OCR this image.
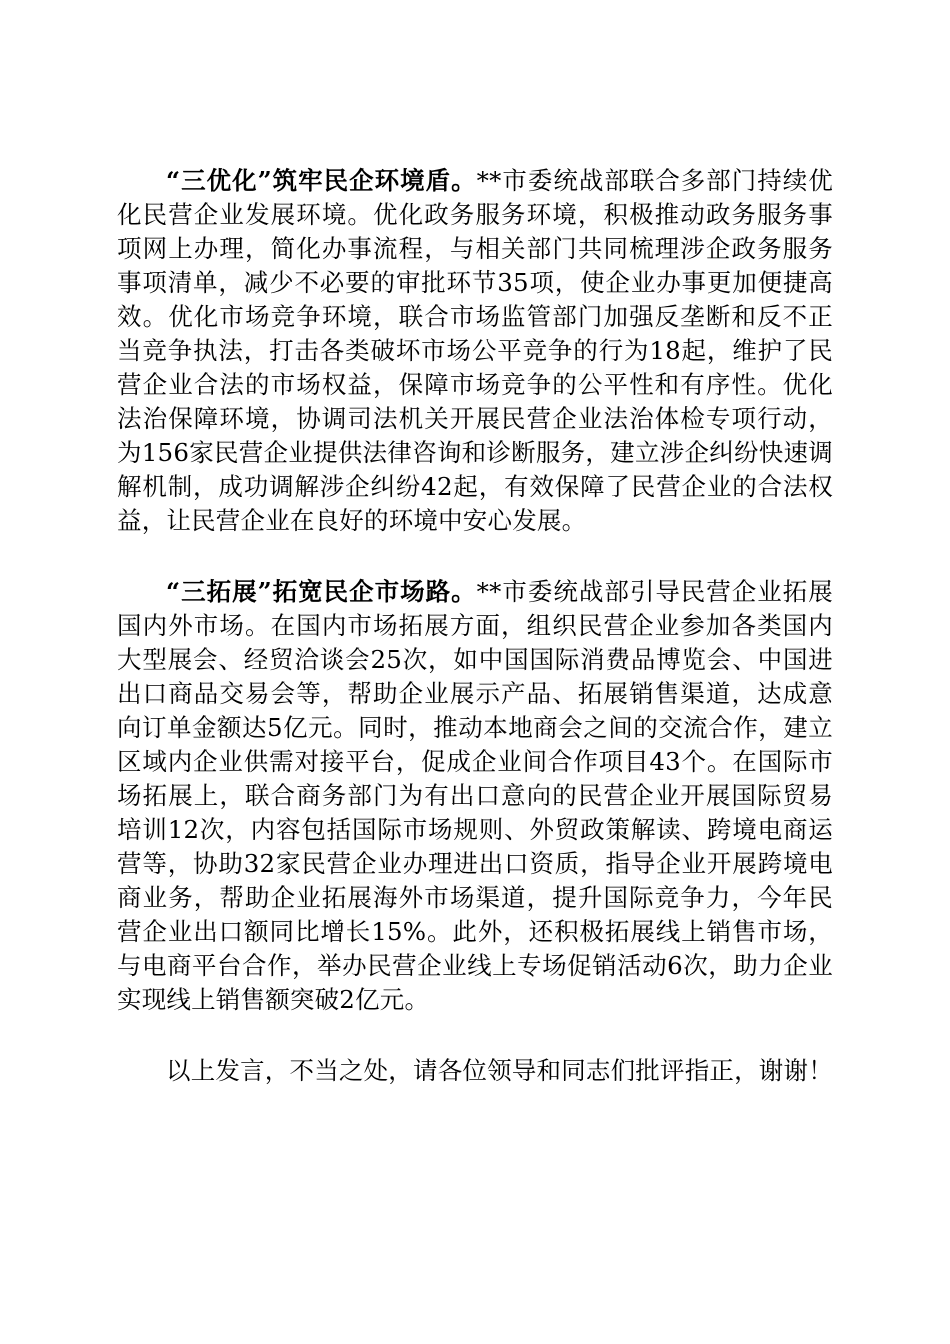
“三优化”筑牢民企环境盾。**市委统战部联合多部门持续优化民营企业发展环境。优化政务服务环境，积极推动政务服务事项网上办理，简化办事流程，与相关部门共同梳理涉企政务服务事项清单，减少不必要的审批环节35项，使企业办事更加便捷高效。优化市场竞争环境，联合市场监管部门加强反垄断和反不正当竞争执法，打击各类破坏市场公平竞争的行为18起，维护了民营企业合法的市场权益，保障市场竞争的公平性和有序性。优化法治保障环境，协调司法机关开展民营企业法治体检专项行动，为156家民营企业提供法律咨询和诊断服务，建立涉企纠纷快速调解机制，成功调解涉企纠纷42起，有效保障了民营企业的合法权益，让民营企业在良好的环境中安心发展。

“三拓展”拓宽民企市场路。**市委统战部引导民营企业拓展国内外市场。在国内市场拓展方面，组织民营企业参加各类国内大型展会、经贸洽谈会25次，如中国国际消费品博览会、中国进出口商品交易会等，帮助企业展示产品、拓展销售渠道，达成意向订单金额达5亿元。同时，推动本地商会之间的交流合作，建立区域内企业供需对接平台，促成企业间合作项目43个。在国际市场拓展上，联合商务部门为有出口意向的民营企业开展国际贸易培训12次，内容包括国际市场规则、外贸政策解读、跨境电商运营等，协助32家民营企业办理进出口资质，指导企业开展跨境电商业务，帮助企业拓展海外市场渠道，提升国际竞争力，今年民营企业出口额同比增长15%。此外，还积极拓展线上销售市场，与电商平台合作，举办民营企业线上专场促销活动6次，助力企业实现线上销售额突破2亿元。

以上发言，不当之处，请各位领导和同志们批评指正，谢谢！
